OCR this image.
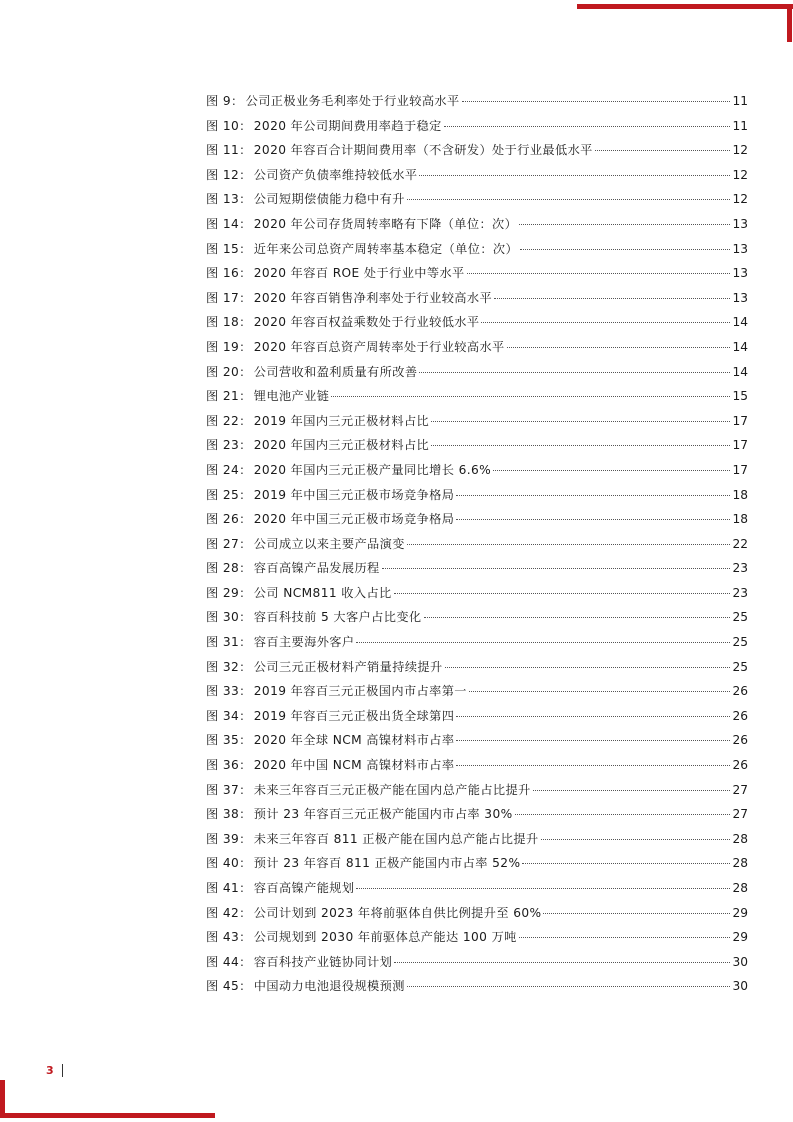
图 9： 公司正极业务毛利率处于行业较高水平	11
图 10： 2020 年公司期间费用率趋于稳定	11
图 11： 2020 年容百合计期间费用率（不含研发）处于行业最低水平	12
图 12： 公司资产负债率维持较低水平	12
图 13： 公司短期偿债能力稳中有升	12
图 14： 2020 年公司存货周转率略有下降（单位：次）	13
图 15： 近年来公司总资产周转率基本稳定（单位：次）	13
图 16： 2020 年容百 ROE 处于行业中等水平	13
图 17： 2020 年容百销售净利率处于行业较高水平	13
图 18： 2020 年容百权益乘数处于行业较低水平	14
图 19： 2020 年容百总资产周转率处于行业较高水平	14
图 20： 公司营收和盈利质量有所改善	14
图 21： 锂电池产业链	15
图 22： 2019 年国内三元正极材料占比	17
图 23： 2020 年国内三元正极材料占比	17
图 24： 2020 年国内三元正极产量同比增长 6.6%	17
图 25： 2019 年中国三元正极市场竞争格局	18
图 26： 2020 年中国三元正极市场竞争格局	18
图 27： 公司成立以来主要产品演变	22
图 28： 容百高镍产品发展历程	23
图 29： 公司 NCM811 收入占比	23
图 30： 容百科技前 5 大客户占比变化	25
图 31： 容百主要海外客户	25
图 32： 公司三元正极材料产销量持续提升	25
图 33： 2019 年容百三元正极国内市占率第一	26
图 34： 2019 年容百三元正极出货全球第四	26
图 35： 2020 年全球 NCM 高镍材料市占率	26
图 36： 2020 年中国 NCM 高镍材料市占率	26
图 37： 未来三年容百三元正极产能在国内总产能占比提升	27
图 38： 预计 23 年容百三元正极产能国内市占率 30%	27
图 39： 未来三年容百 811 正极产能在国内总产能占比提升	28
图 40： 预计 23 年容百 811 正极产能国内市占率 52%	28
图 41： 容百高镍产能规划	28
图 42： 公司计划到 2023 年将前驱体自供比例提升至 60%	29
图 43： 公司规划到 2030 年前驱体总产能达 100 万吨	29
图 44： 容百科技产业链协同计划	30
图 45： 中国动力电池退役规模预测	30
3
